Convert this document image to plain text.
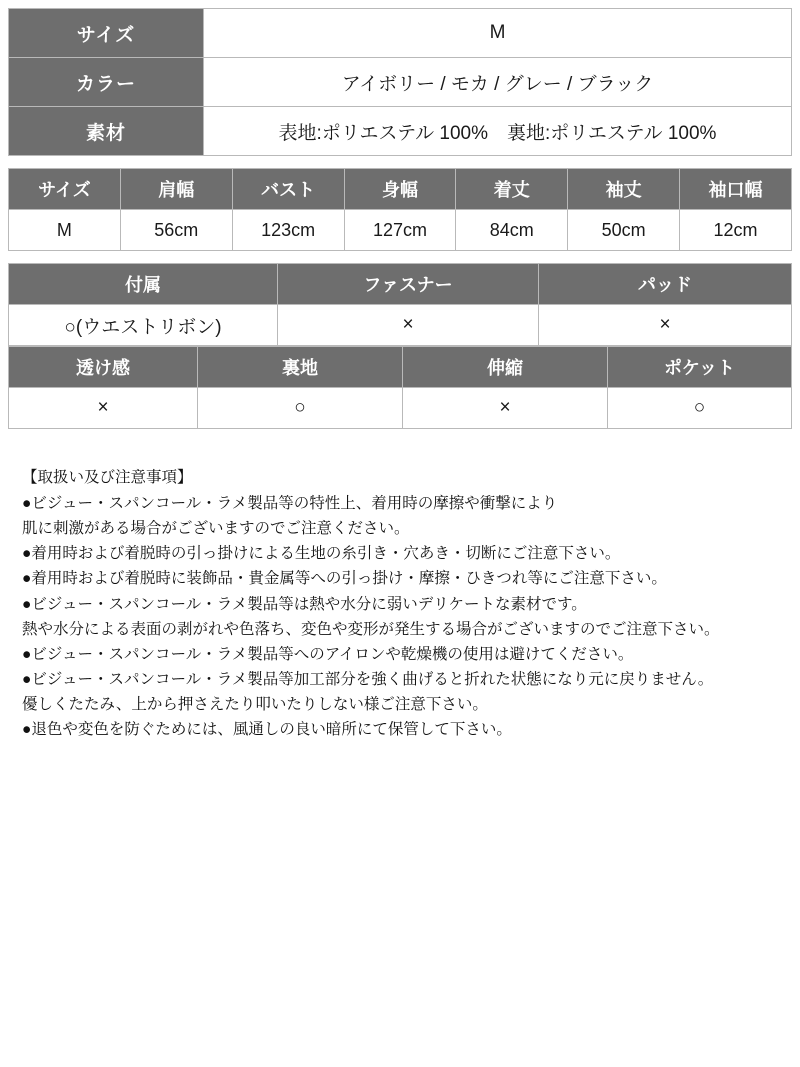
サイズ	M
カラー	アイボリー / モカ / グレー / ブラック
素材	表地:ポリエステル 100%　裏地:ポリエステル 100%
サイズ	肩幅	バスト	身幅	着丈	袖丈	袖口幅
M	56cm	123cm	127cm	84cm	50cm	12cm
付属	ファスナー	パッド
○(ウエストリボン)	×	×
透け感	裏地	伸縮	ポケット
×	○	×	○
【取扱い及び注意事項】
●ビジュー・スパンコール・ラメ製品等の特性上、着用時の摩擦や衝撃により
肌に刺激がある場合がございますのでご注意ください。
●着用時および着脱時の引っ掛けによる生地の糸引き・穴あき・切断にご注意下さい。
●着用時および着脱時に装飾品・貴金属等への引っ掛け・摩擦・ひきつれ等にご注意下さい。
●ビジュー・スパンコール・ラメ製品等は熱や水分に弱いデリケートな素材です。
熱や水分による表面の剥がれや色落ち、変色や変形が発生する場合がございますのでご注意下さい。
●ビジュー・スパンコール・ラメ製品等へのアイロンや乾燥機の使用は避けてください。
●ビジュー・スパンコール・ラメ製品等加工部分を強く曲げると折れた状態になり元に戻りません。
優しくたたみ、上から押さえたり叩いたりしない様ご注意下さい。
●退色や変色を防ぐためには、風通しの良い暗所にて保管して下さい。
